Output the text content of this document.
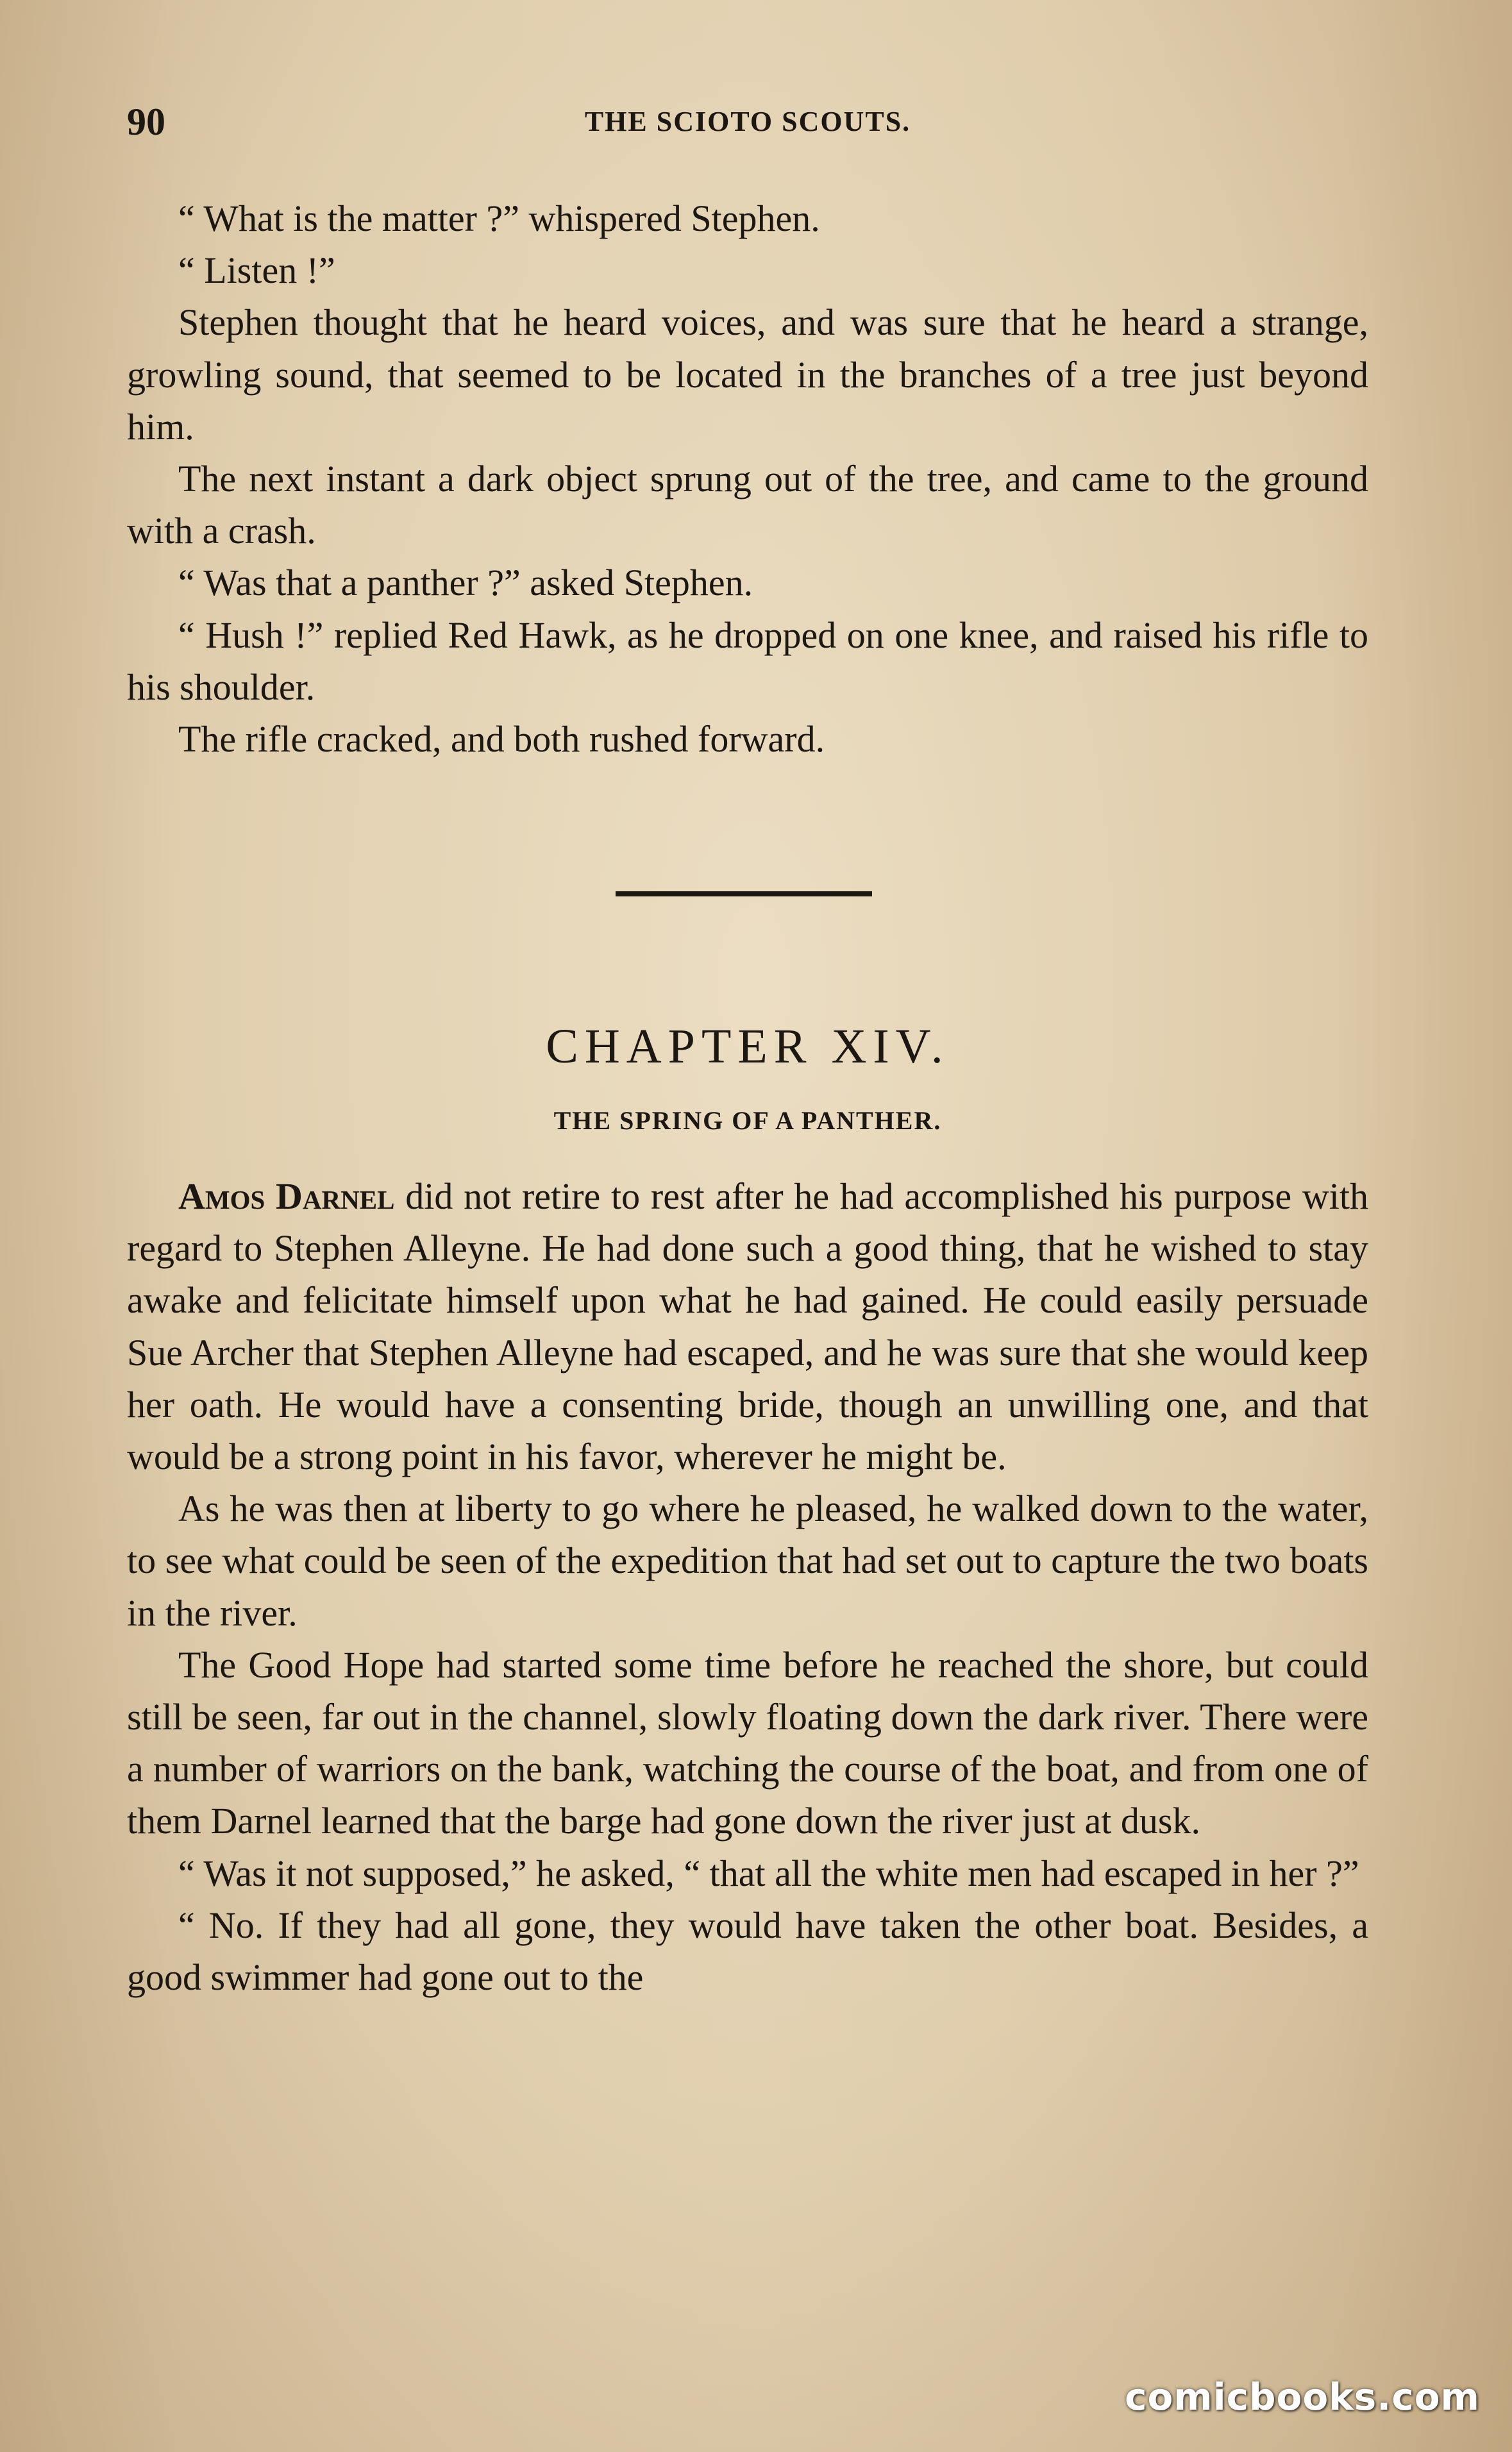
90	THE SCIOTO SCOUTS.

“ What is the matter ?” whispered Stephen.

“ Listen !”

Stephen thought that he heard voices, and was sure that he heard a strange, growling sound, that seemed to be located in the branches of a tree just beyond him.

The next instant a dark object sprung out of the tree, and came to the ground with a crash.

“ Was that a panther ?” asked Stephen.

“ Hush !” replied Red Hawk, as he dropped on one knee, and raised his rifle to his shoulder.

The rifle cracked, and both rushed forward.

CHAPTER XIV.
THE SPRING OF A PANTHER.

Amos Darnel did not retire to rest after he had accomplished his purpose with regard to Stephen Alleyne. He had done such a good thing, that he wished to stay awake and felicitate himself upon what he had gained. He could easily persuade Sue Archer that Stephen Alleyne had escaped, and he was sure that she would keep her oath. He would have a consenting bride, though an unwilling one, and that would be a strong point in his favor, wherever he might be.

As he was then at liberty to go where he pleased, he walked down to the water, to see what could be seen of the expedition that had set out to capture the two boats in the river.

The Good Hope had started some time before he reached the shore, but could still be seen, far out in the channel, slowly floating down the dark river. There were a number of warriors on the bank, watching the course of the boat, and from one of them Darnel learned that the barge had gone down the river just at dusk.

“ Was it not supposed,” he asked, “ that all the white men had escaped in her ?”

“ No. If they had all gone, they would have taken the other boat. Besides, a good swimmer had gone out to the

comicbooks.com
